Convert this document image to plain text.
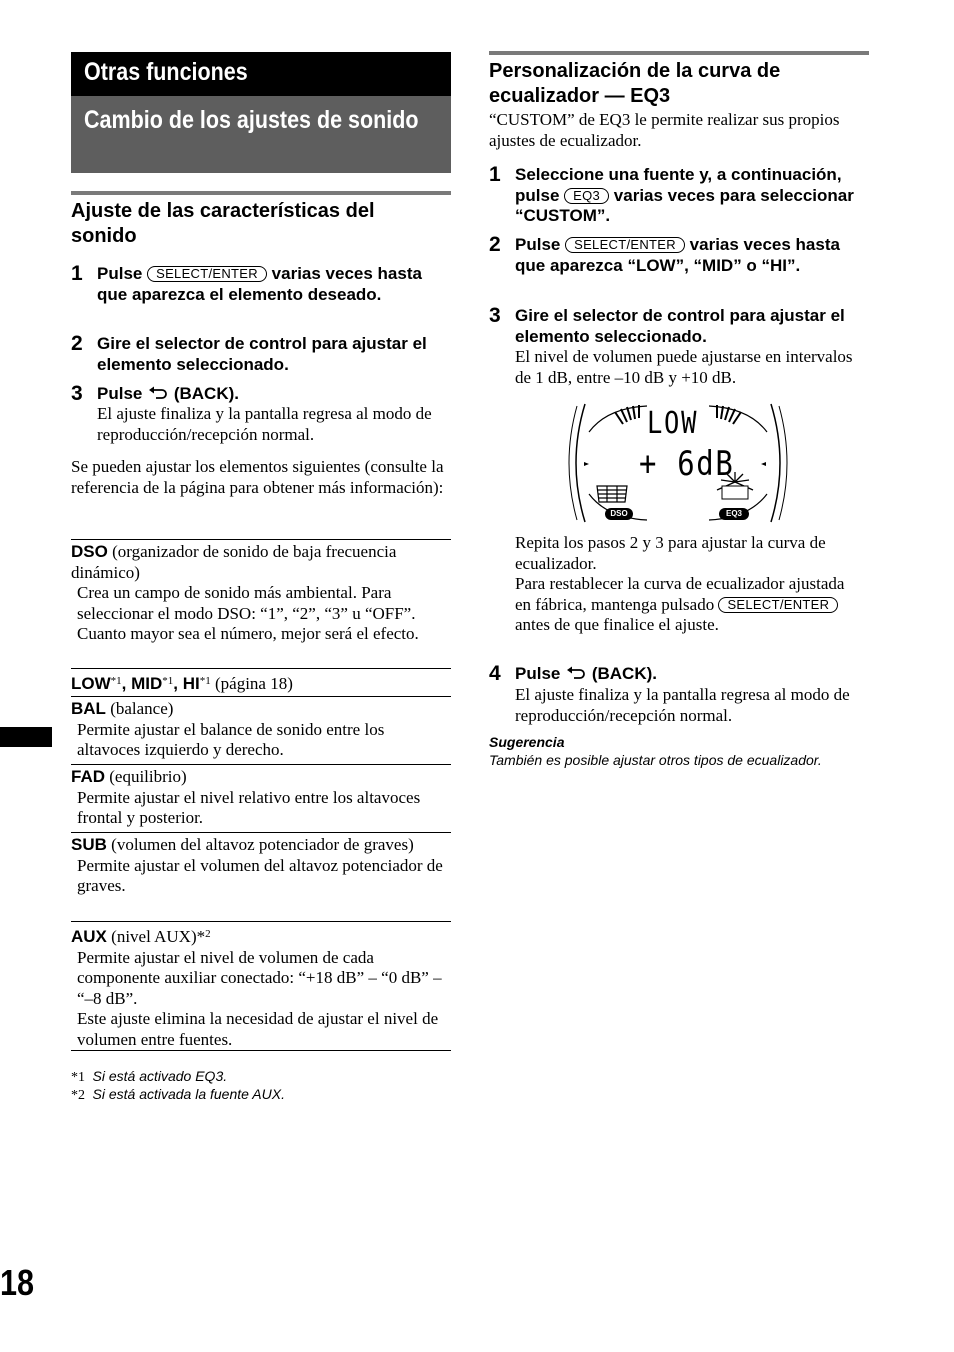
Otras funciones
Cambio de los ajustes de sonido
Ajuste de las características del sonido
1 Pulse SELECT/ENTER varias veces hasta que aparezca el elemento deseado.
2 Gire el selector de control para ajustar el elemento seleccionado.
3 Pulse (BACK).
El ajuste finaliza y la pantalla regresa al modo de reproducción/recepción normal.
Se pueden ajustar los elementos siguientes (consulte la referencia de la página para obtener más información):
DSO (organizador de sonido de baja frecuencia dinámico)
Crea un campo de sonido más ambiental. Para seleccionar el modo DSO: “1”, “2”, “3” u “OFF”. Cuanto mayor sea el número, mejor será el efecto.
LOW$^{*1}$, MID$^{*1}$, HI$^{*1}$ (página 18)
BAL (balance)
Permite ajustar el balance de sonido entre los altavoces izquierdo y derecho.
FAD (equilibrio)
Permite ajustar el nivel relativo entre los altavoces frontal y posterior.
SUB (volumen del altavoz potenciador de graves)
Permite ajustar el volumen del altavoz potenciador de graves.
AUX (nivel AUX)*$^2$
Permite ajustar el nivel de volumen de cada componente auxiliar conectado: “+18 dB” – “0 dB” – “–8 dB”.
Este ajuste elimina la necesidad de ajustar el nivel de volumen entre fuentes.
*1 Si está activado EQ3.
*2 Si está activada la fuente AUX.
18
Personalización de la curva de ecualizador — EQ3
“CUSTOM” de EQ3 le permite realizar sus propios ajustes de ecualizador.
1 Seleccione una fuente y, a continuación, pulse EQ3 varias veces para seleccionar “CUSTOM”.
2 Pulse SELECT/ENTER varias veces hasta que aparezca “LOW”, “MID” o “HI”.
3 Gire el selector de control para ajustar el elemento seleccionado.
El nivel de volumen puede ajustarse en intervalos de 1 dB, entre –10 dB y +10 dB.
LOW
+ 6dB
DSO	EQ3
Repita los pasos 2 y 3 para ajustar la curva de ecualizador.
Para restablecer la curva de ecualizador ajustada en fábrica, mantenga pulsado SELECT/ENTER antes de que finalice el ajuste.
4 Pulse (BACK).
El ajuste finaliza y la pantalla regresa al modo de reproducción/recepción normal.
Sugerencia
También es posible ajustar otros tipos de ecualizador.
